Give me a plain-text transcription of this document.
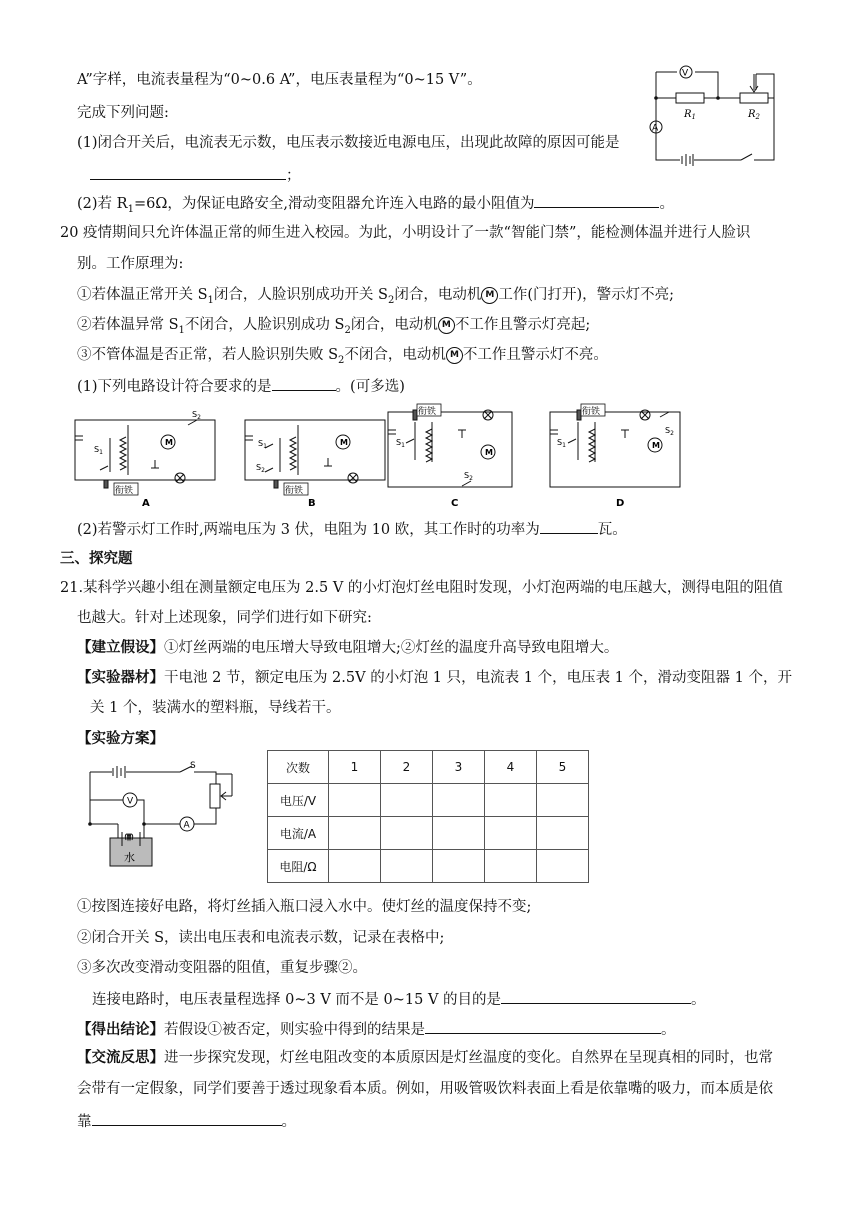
A”字样，电流表量程为“0~0.6 A”，电压表量程为“0~15 V”。
完成下列问题:
(1)闭合开关后，电流表无示数，电压表示数接近电源电压，出现此故障的原因可能是
；
(2)若 $R_1=6\Omega$，为保证电路安全,滑动变阻器允许连入电路的最小阻值为	。
V
A
$R_1$	$R_2$
20 疫情期间只允许体温正常的师生进入校园。为此，小明设计了一款“智能门禁”，能检测体温并进行人脸识
别。工作原理为:
①若体温正常开关 $S_1$闭合，人脸识别成功开关 $S_2$闭合，电动机 M 工作(门打开)，警示灯不亮;
②若体温异常 $S_1$不闭合，人脸识别成功 $S_2$闭合，电动机 M 不工作且警示灯亮起;
③不管体温是否正常，若人脸识别失败 $S_2$不闭合，电动机 M 不工作且警示灯不亮。
(1)下列电路设计符合要求的是	。(可多选)
$S_1$
$S_2$
M
衔铁
A
$S_1$
$S_2$
M
衔铁
B
$S_1$
$S_2$
M
衔铁
C
$S_1$
$S_2$
M
衔铁
D
(2)若警示灯工作时,两端电压为 3 伏，电阻为 10 欧，其工作时的功率为	瓦。
三、探究题
21.某科学兴趣小组在测量额定电压为 2.5 V 的小灯泡灯丝电阻时发现，小灯泡两端的电压越大，测得电阻的阻值
也越大。针对上述现象，同学们进行如下研究:
【建立假设】①灯丝两端的电压增大导致电阻增大;②灯丝的温度升高导致电阻增大。
【实验器材】干电池 2 节，额定电压为 2.5V 的小灯泡 1 只，电流表 1 个，电压表 1 个，滑动变阻器 1 个，开
关 1 个，装满水的塑料瓶，导线若干。
【实验方案】
S
V
A
水
次数	1	2	3	4	5
电压/V					
电流/A					
电阻/Ω					
①按图连接好电路，将灯丝插入瓶口浸入水中。使灯丝的温度保持不变;
②闭合开关 S，读出电压表和电流表示数，记录在表格中;
③多次改变滑动变阻器的阻值，重复步骤②。
连接电路时，电压表量程选择 0~3 V 而不是 0~15 V 的目的是	。
【得出结论】若假设①被否定，则实验中得到的结果是	。
【交流反思】进一步探究发现，灯丝电阻改变的本质原因是灯丝温度的变化。自然界在呈现真相的同时，也常
会带有一定假象，同学们要善于透过现象看本质。例如，用吸管吸饮料表面上看是依靠嘴的吸力，而本质是依
靠	。
